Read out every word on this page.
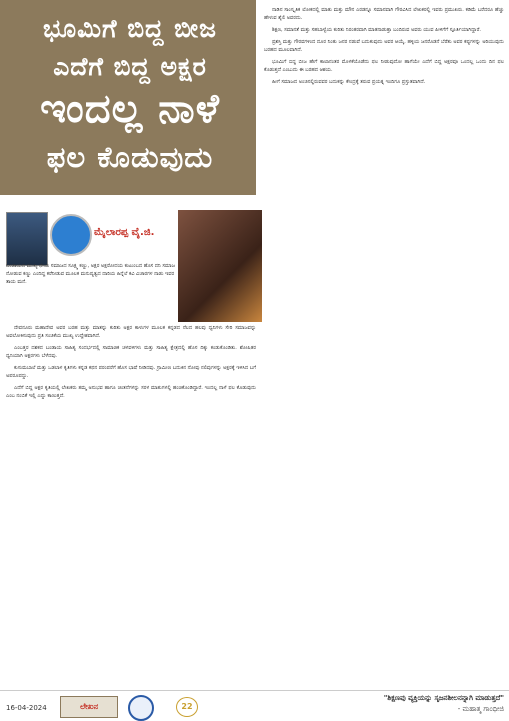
ಭೂಮಿಗೆ ಬಿದ್ದ ಬೀಜ
ಎದೆಗೆ ಬಿದ್ದ ಅಕ್ಷರ
ಇಂದಲ್ಲ ನಾಳೆ
ಫಲ ಕೊಡುವುದು
ಮೈಲಾರಪ್ಪ ವೈ.ಜಿ.
ಬಂಡಾಯದ ಮುಖ್ಯ ಧೇಯ ಸಮಾಜದ ಸೂಕ್ಷ್ಮ ಕಣ್ಣು, ಅಕ್ಷರ ಅಕ್ಷರೋದಯ ಕುಟುಂಬದ ಹೊಸ ದನಿ ಸಮಾಜ ನೋಡುವ ಕಣ್ಣು ಎಂದಿದ್ದ ಕರೆನೀಡುವ ಮೂಲಕ ಮನುಷ್ಯತ್ವದ ದಾರಿಯ ಹಿನ್ನೆಲೆ ಕವಿ ವಿಚಾರಗಳ ನಾಡು ಇವರ ತಾಯ ಮನೆ.

ದೇವನೂರು ಮಹಾದೇವ ಅವರ ಬರಹ ಮತ್ತು ಮಾತನ್ನು ಕುರಿತು ಅಕ್ಷರ ಕಾಳುಗಳ ಮೂಲಕ ಕನ್ನಡದ ನೆಲದ ಹಲವು ಧ್ವನಿಗಳು ಸೇರಿ ಸಮಾಜವನ್ನು ಅವಲೋಕಿಸುವುದು ಪ್ರತಿ ಸಂಚಿಕೆಯ ಮುಖ್ಯ ಉದ್ದೇಶವಾಗಿದೆ.

ಎಂಬತ್ತರ ದಶಕದ ಬಂಡಾಯ ಸಾಹಿತ್ಯ ಸಂದರ್ಭದಲ್ಲಿ ಸಾಮಾಜಿಕ ಚಳವಳಿಗಳು ಮತ್ತು ಸಾಹಿತ್ಯ ಕ್ಷೇತ್ರದಲ್ಲಿ ಹೊಸ ದಿಕ್ಕು ಕಂಡುಕೊಂಡಿತು. ಶೋಷಿತರ ಧ್ವನಿಯಾಗಿ ಅಕ್ಷರಗಳು ಬೆಳೆದವು.

ಕುಸುಮಬಾಲೆ ಮತ್ತು ಒಡಲಾಳ ಕೃತಿಗಳು ಕನ್ನಡ ಕಥನ ಪರಂಪರೆಗೆ ಹೊಸ ಭಾಷೆ ನೀಡಿದವು. ಗ್ರಾಮೀಣ ಬದುಕಿನ ನೋವು ನಲಿವುಗಳನ್ನು ಅಕ್ಷರಕ್ಕೆ ಇಳಿಸಿದ ಬಗೆ ಅಪರೂಪದ್ದು.

ಎದೆಗೆ ಬಿದ್ದ ಅಕ್ಷರ ಕೃತಿಯಲ್ಲಿ ಲೇಖಕರು ತಮ್ಮ ಅನುಭವ ಹಾಗೂ ಚಿಂತನೆಗಳನ್ನು ಸರಳ ಮಾತುಗಳಲ್ಲಿ ಹಂಚಿಕೊಂಡಿದ್ದಾರೆ. ಇಂದಲ್ಲ ನಾಳೆ ಫಲ ಕೊಡುವುದು ಎಂಬ ನಂಬಿಕೆ ಇಲ್ಲಿ ಎದ್ದು ಕಾಣುತ್ತದೆ.

ನಾಡಿನ ಸಾಂಸ್ಕೃತಿಕ ಲೋಕದಲ್ಲಿ ಮಾತು ಮತ್ತು ಮೌನ ಎರಡನ್ನೂ ಸಮಾನವಾಗಿ ಗೌರವಿಸಿದ ಲೇಖಕರಲ್ಲಿ ಇವರು ಪ್ರಮುಖರು. ಕಡಿಮೆ ಬರೆದರೂ ಹೆಚ್ಚು ಹೇಳುವ ಶೈಲಿ ಅವರದು.

ಶಿಕ್ಷಣ, ಸಮಾನತೆ ಮತ್ತು ಸಹಬಾಳ್ವೆಯ ಕುರಿತು ನಿರಂತರವಾಗಿ ಮಾತನಾಡುತ್ತಾ ಬಂದಿರುವ ಅವರು ಯುವ ಪೀಳಿಗೆಗೆ ಸ್ಪೂರ್ತಿಯಾಗಿದ್ದಾರೆ.

ಪ್ರಶಸ್ತಿ ಮತ್ತು ಗೌರವಗಳಿಂದ ದೂರ ನಿಂತು ಜನರ ನಡುವೆ ಬದುಕುವುದು ಅವರ ಆಯ್ಕೆ. ಹಳ್ಳಿಯ ಜನರೊಡನೆ ಬೆರೆತು ಅವರ ಕಷ್ಟಗಳನ್ನು ಅರಿಯುವುದು ಬರಹದ ಮೂಲವಾಗಿದೆ.

ಭೂಮಿಗೆ ಬಿದ್ದ ಬೀಜ ಹೇಗೆ ಕಾಲಾನಂತರ ಮೊಳಕೆಯೊಡೆದು ಫಲ ನೀಡುವುದೋ ಹಾಗೆಯೇ ಎದೆಗೆ ಬಿದ್ದ ಅಕ್ಷರವೂ ಒಂದಲ್ಲ ಒಂದು ದಿನ ಫಲ ಕೊಡುತ್ತದೆ ಎಂಬುದು ಈ ಬರಹದ ಆಶಯ.

ಹೀಗೆ ಸಮಾಜದ ಅಂಚಿನಲ್ಲಿರುವವರ ಬದುಕನ್ನು ಕೇಂದ್ರಕ್ಕೆ ತರುವ ಪ್ರಯತ್ನ ಇಂದಿಗೂ ಪ್ರಸ್ತುತವಾಗಿದೆ.

16-04-2024	ಲೇಖನ	22
"ಶಿಕ್ಷಣವು ವ್ಯಕ್ತಿಯನ್ನು ಸೃಜನಶೀಲನನ್ನಾಗಿ ಮಾಡುತ್ತದೆ"
- ಮಹಾತ್ಮ ಗಾಂಧೀಜಿ
